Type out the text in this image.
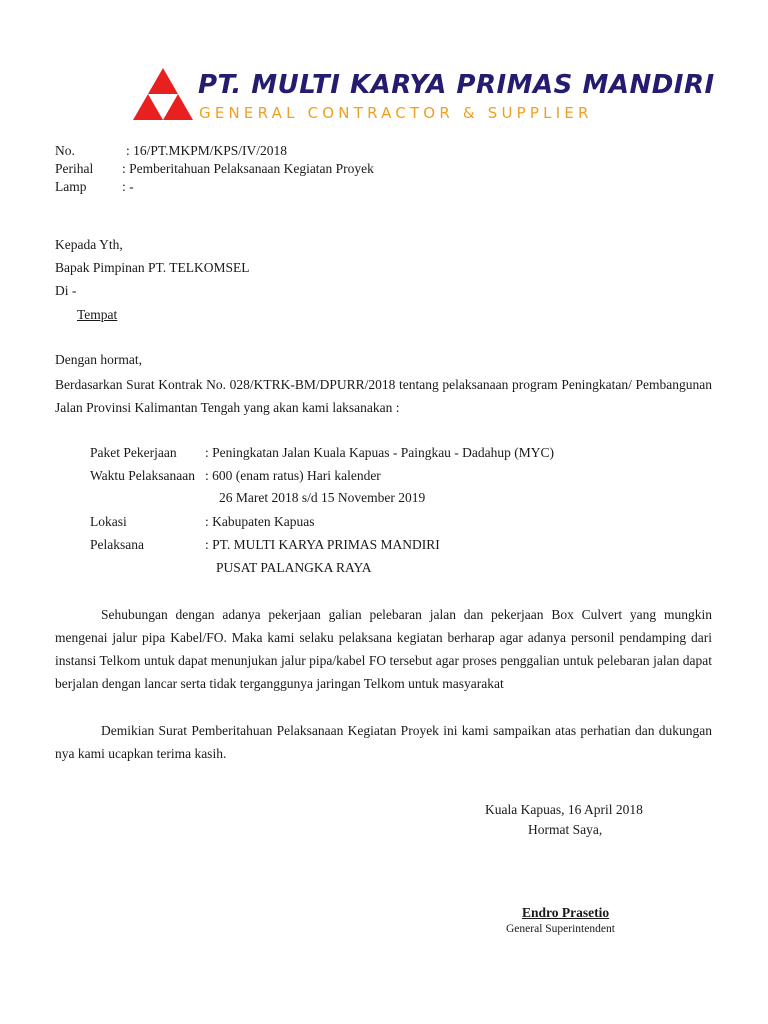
PT. MULTI KARYA PRIMAS MANDIRI
GENERAL CONTRACTOR & SUPPLIER
No.	: 16/PT.MKPM/KPS/IV/2018
Perihal : Pemberitahuan Pelaksanaan Kegiatan Proyek
Lamp	: -
Kepada Yth,
Bapak Pimpinan PT. TELKOMSEL
Di -
Tempat
Dengan hormat,
Berdasarkan Surat Kontrak No. 028/KTRK-BM/DPURR/2018 tentang pelaksanaan program Peningkatan/ Pembangunan Jalan Provinsi Kalimantan Tengah yang akan kami laksanakan :
Paket Pekerjaan : Peningkatan Jalan Kuala Kapuas - Paingkau - Dadahup (MYC)
Waktu Pelaksanaan : 600 (enam ratus) Hari kalender
26 Maret 2018 s/d 15 November 2019
Lokasi	: Kabupaten Kapuas
Pelaksana	: PT. MULTI KARYA PRIMAS MANDIRI
PUSAT PALANGKA RAYA
Sehubungan dengan adanya pekerjaan galian pelebaran jalan dan pekerjaan Box Culvert yang mungkin mengenai jalur pipa Kabel/FO. Maka kami selaku pelaksana kegiatan berharap agar adanya personil pendamping dari instansi Telkom untuk dapat menunjukan jalur pipa/kabel FO tersebut agar proses penggalian untuk pelebaran jalan dapat berjalan dengan lancar serta tidak terganggunya jaringan Telkom untuk masyarakat
Demikian Surat Pemberitahuan Pelaksanaan Kegiatan Proyek ini kami sampaikan atas perhatian dan dukungan nya kami ucapkan terima kasih.
Kuala Kapuas, 16 April 2018
Hormat Saya,
Endro Prasetio
General Superintendent
